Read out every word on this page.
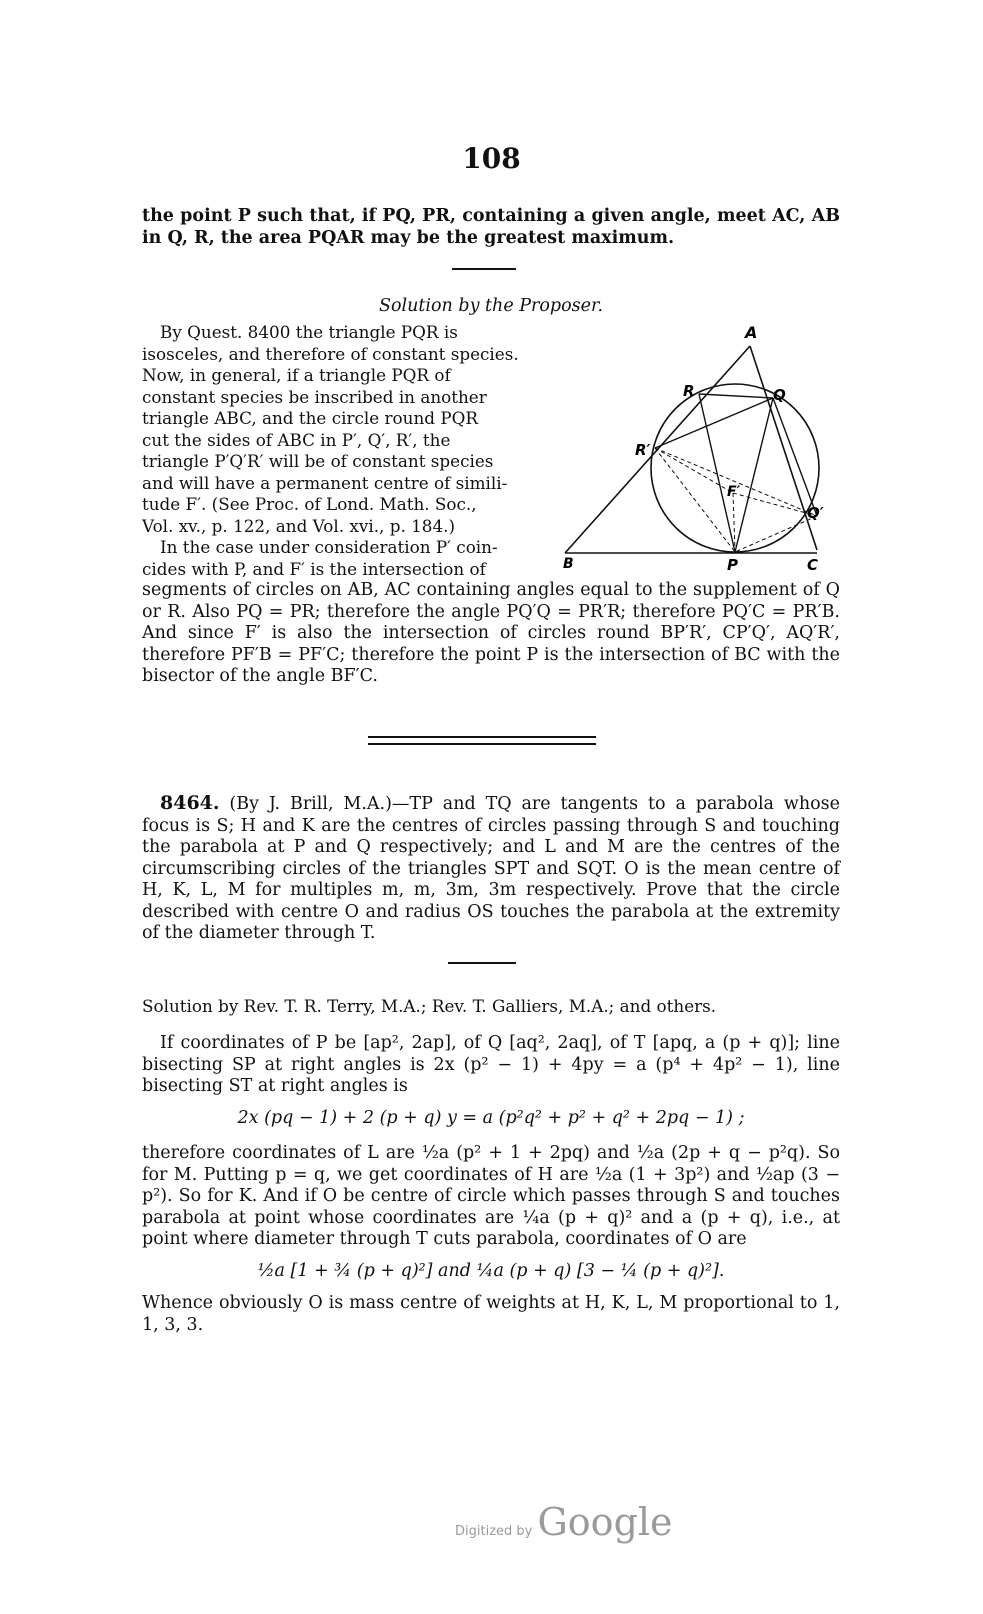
108
the point P such that, if PQ, PR, containing a given angle, meet AC, AB in Q, R, the area PQAR may be the greatest maximum.
Solution by the Proposer.
By Quest. 8400 the triangle PQR is
isosceles, and therefore of constant species.
Now, in general, if a triangle PQR of
constant species be inscribed in another
triangle ABC, and the circle round PQR
cut the sides of ABC in P′, Q′, R′, the
triangle P′Q′R′ will be of constant species
and will have a permanent centre of simili-
tude F′. (See Proc. of Lond. Math. Soc.,
Vol. xv., p. 122, and Vol. xvi., p. 184.)
In the case under consideration P′ coin-
cides with P, and F′ is the intersection of
segments of circles on AB, AC containing angles equal to the supplement of Q or R. Also PQ = PR; therefore the angle PQ′Q = PR′R; therefore PQ′C = PR′B. And since F′ is also the intersection of circles round BP′R′, CP′Q′, AQ′R′, therefore PF′B = PF′C; therefore the point P is the intersection of BC with the bisector of the angle BF′C.
A
R	Q
R′
F′
Q′
B	P	C
8464. (By J. Brill, M.A.)—TP and TQ are tangents to a parabola whose focus is S; H and K are the centres of circles passing through S and touching the parabola at P and Q respectively; and L and M are the centres of the circumscribing circles of the triangles SPT and SQT. O is the mean centre of H, K, L, M for multiples m, m, 3m, 3m respectively. Prove that the circle described with centre O and radius OS touches the parabola at the extremity of the diameter through T.
Solution by Rev. T. R. Terry, M.A.; Rev. T. Galliers, M.A.; and others.
If coordinates of P be [ap², 2ap], of Q [aq², 2aq], of T [apq, a (p + q)]; line bisecting SP at right angles is 2x (p² − 1) + 4py = a (p⁴ + 4p² − 1), line bisecting ST at right angles is
2x (pq − 1) + 2 (p + q) y = a (p²q² + p² + q² + 2pq − 1) ;
therefore coordinates of L are ½a (p² + 1 + 2pq) and ½a (2p + q − p²q). So for M. Putting p = q, we get coordinates of H are ½a (1 + 3p²) and ½ap (3 − p²). So for K. And if O be centre of circle which passes through S and touches parabola at point whose coordinates are ¼a (p + q)² and a (p + q), i.e., at point where diameter through T cuts parabola, coordinates of O are
½a [1 + ¾ (p + q)²] and ¼a (p + q) [3 − ¼ (p + q)²].
Whence obviously O is mass centre of weights at H, K, L, M proportional to 1, 1, 3, 3.
Digitized by Google
